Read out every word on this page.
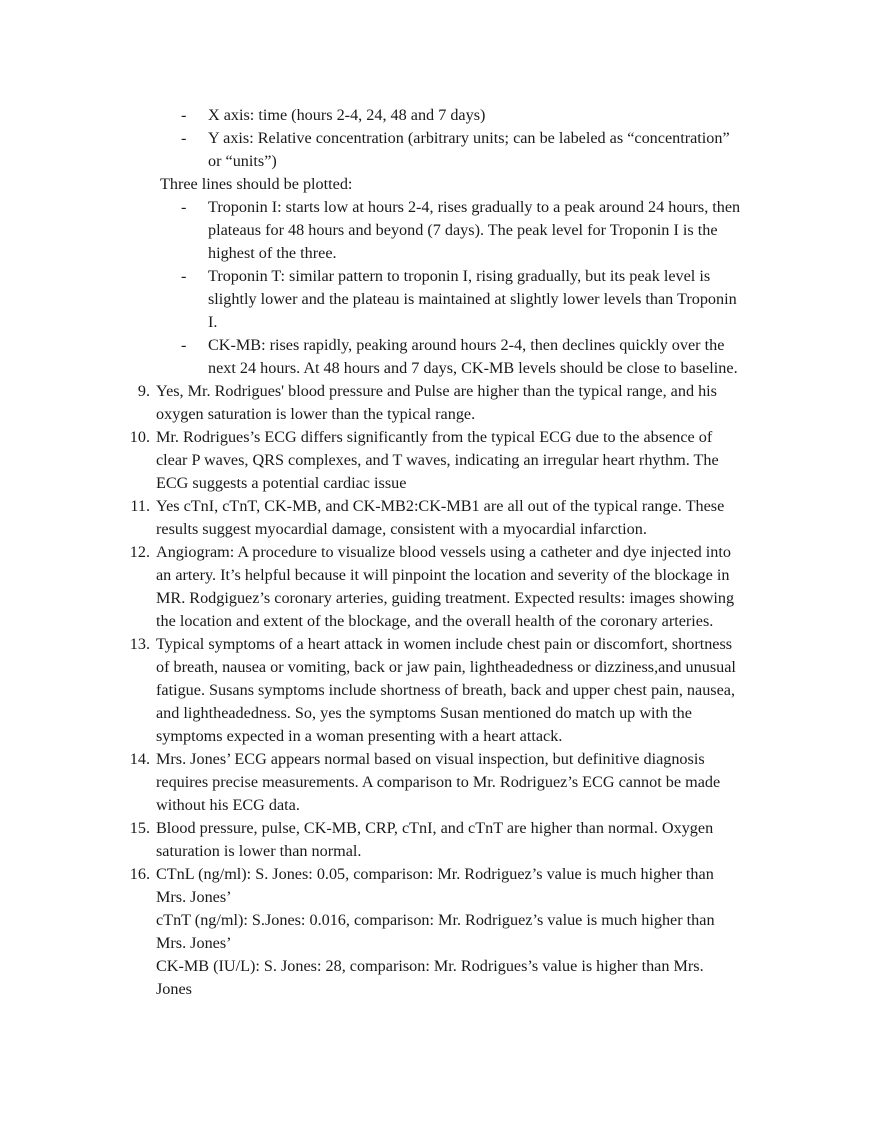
- X axis: time (hours 2-4, 24, 48 and 7 days)
- Y axis: Relative concentration (arbitrary units; can be labeled as “concentration”
or “units”)
Three lines should be plotted:
- Troponin I: starts low at hours 2-4, rises gradually to a peak around 24 hours, then
plateaus for 48 hours and beyond (7 days). The peak level for Troponin I is the
highest of the three.
- Troponin T: similar pattern to troponin I, rising gradually, but its peak level is
slightly lower and the plateau is maintained at slightly lower levels than Troponin
I.
- CK-MB: rises rapidly, peaking around hours 2-4, then declines quickly over the
next 24 hours. At 48 hours and 7 days, CK-MB levels should be close to baseline.
9. Yes, Mr. Rodrigues' blood pressure and Pulse are higher than the typical range, and his
oxygen saturation is lower than the typical range.
10. Mr. Rodrigues’s ECG differs significantly from the typical ECG due to the absence of
clear P waves, QRS complexes, and T waves, indicating an irregular heart rhythm. The
ECG suggests a potential cardiac issue
11. Yes cTnI, cTnT, CK-MB, and CK-MB2:CK-MB1 are all out of the typical range. These
results suggest myocardial damage, consistent with a myocardial infarction.
12. Angiogram: A procedure to visualize blood vessels using a catheter and dye injected into
an artery. It’s helpful because it will pinpoint the location and severity of the blockage in
MR. Rodgiguez’s coronary arteries, guiding treatment. Expected results: images showing
the location and extent of the blockage, and the overall health of the coronary arteries.
13. Typical symptoms of a heart attack in women include chest pain or discomfort, shortness
of breath, nausea or vomiting, back or jaw pain, lightheadedness or dizziness,and unusual
fatigue. Susans symptoms include shortness of breath, back and upper chest pain, nausea,
and lightheadedness. So, yes the symptoms Susan mentioned do match up with the
symptoms expected in a woman presenting with a heart attack.
14. Mrs. Jones’ ECG appears normal based on visual inspection, but definitive diagnosis
requires precise measurements. A comparison to Mr. Rodriguez’s ECG cannot be made
without his ECG data.
15. Blood pressure, pulse, CK-MB, CRP, cTnI, and cTnT are higher than normal. Oxygen
saturation is lower than normal.
16. CTnL (ng/ml): S. Jones: 0.05, comparison: Mr. Rodriguez’s value is much higher than
Mrs. Jones’
cTnT (ng/ml): S.Jones: 0.016, comparison: Mr. Rodriguez’s value is much higher than
Mrs. Jones’
CK-MB (IU/L): S. Jones: 28, comparison: Mr. Rodrigues’s value is higher than Mrs.
Jones
